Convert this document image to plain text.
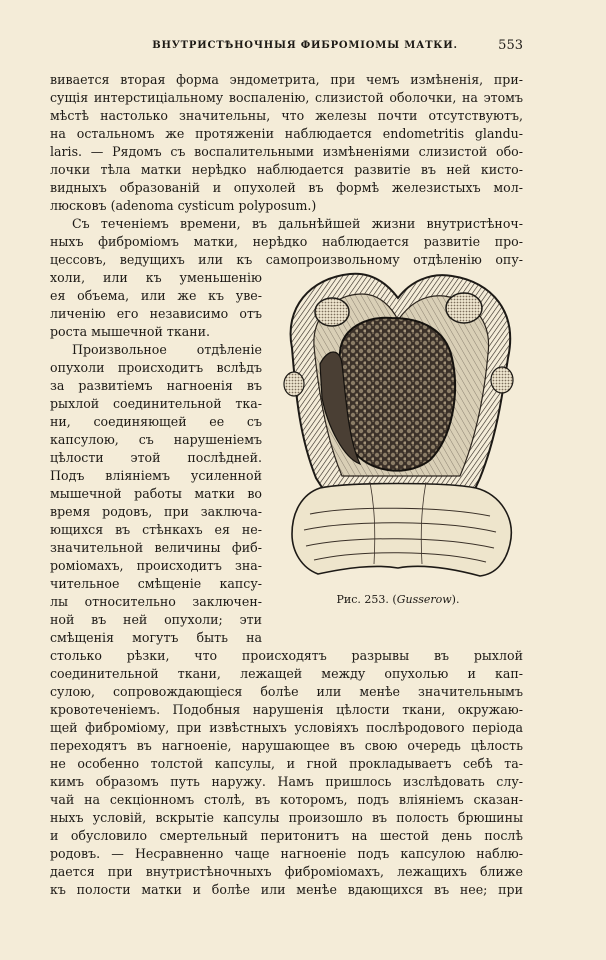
ВНУТРИСТѢНОЧНЫЯ ФИБРОМІОМЫ МАТКИ.	553
вивается вторая форма эндометрита, при чемъ измѣненія, при-
сущія интерстиціальному воспаленію, слизистой оболочки, на этомъ
мѣстѣ настолько значительны, что железы почти отсутствуютъ,
на остальномъ же протяженіи наблюдается endometritis glandu-
laris. — Рядомъ съ воспалительными измѣненіями слизистой обо-
лочки тѣла матки нерѣдко наблюдается развитіе въ ней кисто-
видныхъ образованій и опухолей въ формѣ железистыхъ мол-
люсковъ (adenoma cysticum polyposum.)
Съ теченіемъ времени, въ дальнѣйшей жизни внутристѣноч-
ныхъ фибромiомъ матки, нерѣдко наблюдается развитіе про-
цессовъ, ведущихъ или къ самопроизвольному отдѣленію опу-
холи, или къ уменьшенію
ея объема, или же къ уве-
личенію его независимо отъ
роста мышечной ткани.
Произвольное отдѣленіе
опухоли происходитъ вслѣдъ
за развитіемъ нагноенія въ
рыхлой соединительной тка-
ни, соединяющей ее съ
капсулою, съ нарушеніемъ
цѣлости этой послѣдней.
Подъ вліяніемъ усиленной
мышечной работы матки во
время родовъ, при заключа-
ющихся въ стѣнкахъ ея не-
значительной величины фиб-
роміомахъ, происходитъ зна-
чительное смѣщеніе капсу-
лы относительно заключен-
ной въ ней опухоли; эти
смѣщенія могутъ быть на
столько рѣзки, что происходятъ разрывы въ рыхлой
соединительной ткани, лежащей между опухолью и кап-
сулою, сопровождающіеся болѣе или менѣе значительнымъ
кровотеченіемъ. Подобныя нарушенія цѣлости ткани, окружаю-
щей фиброміому, при извѣстныхъ условіяхъ послѣродового періода
переходятъ въ нагноеніе, нарушающее въ свою очередь цѣлость
не особенно толстой капсулы, и гной прокладываетъ себѣ та-
кимъ образомъ путь наружу. Намъ пришлось изслѣдовать слу-
чай на секціонномъ столѣ, въ которомъ, подъ вліяніемъ сказан-
ныхъ условій, вскрытіе капсулы произошло въ полость брюшины
и обусловило смертельный перитонитъ на шестой день послѣ
родовъ. — Несравненно чаще нагноеніе подъ капсулою наблю-
дается при внутристѣночныхъ фиброміомахъ, лежащихъ ближе
къ полости матки и болѣе или менѣе вдающихся въ нее; при
Рис. 253. (Gusserow).
